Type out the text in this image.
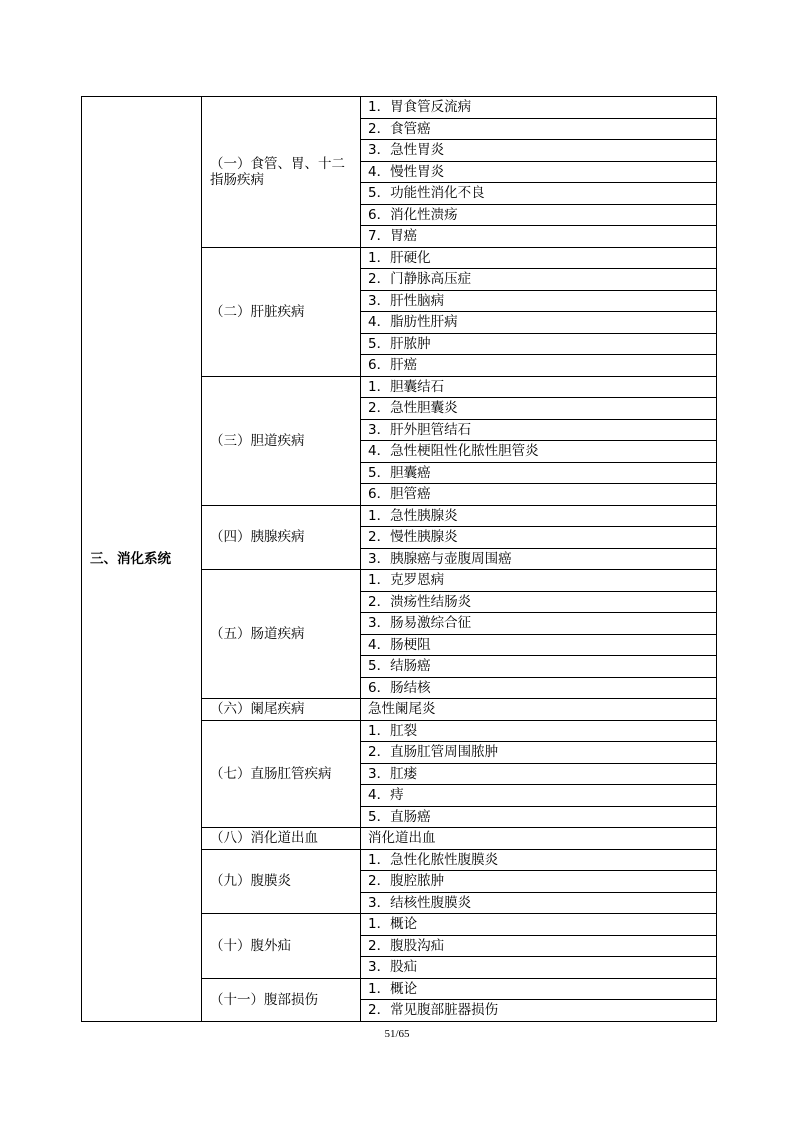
三、消化系统	（一）食管、胃、十二指肠疾病	1．胃食管反流病
		2．食管癌
		3．急性胃炎
		4．慢性胃炎
		5．功能性消化不良
		6．消化性溃疡
		7．胃癌
	（二）肝脏疾病	1．肝硬化
		2．门静脉高压症
		3．肝性脑病
		4．脂肪性肝病
		5．肝脓肿
		6．肝癌
	（三）胆道疾病	1．胆囊结石
		2．急性胆囊炎
		3．肝外胆管结石
		4．急性梗阻性化脓性胆管炎
		5．胆囊癌
		6．胆管癌
	（四）胰腺疾病	1．急性胰腺炎
		2．慢性胰腺炎
		3．胰腺癌与壶腹周围癌
	（五）肠道疾病	1．克罗恩病
		2．溃疡性结肠炎
		3．肠易激综合征
		4．肠梗阻
		5．结肠癌
		6．肠结核
	（六）阑尾疾病	急性阑尾炎
	（七）直肠肛管疾病	1．肛裂
		2．直肠肛管周围脓肿
		3．肛瘘
		4．痔
		5．直肠癌
	（八）消化道出血	消化道出血
	（九）腹膜炎	1．急性化脓性腹膜炎
		2．腹腔脓肿
		3．结核性腹膜炎
	（十）腹外疝	1．概论
		2．腹股沟疝
		3．股疝
	（十一）腹部损伤	1．概论
		2．常见腹部脏器损伤
51/65
